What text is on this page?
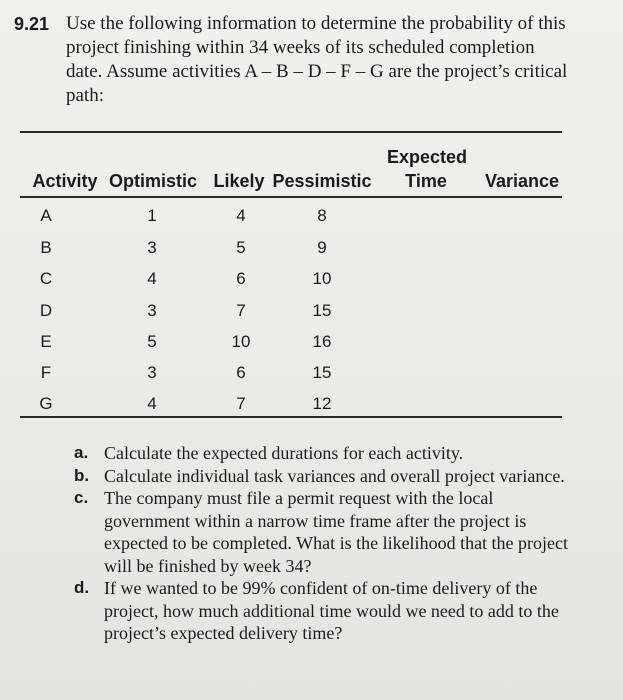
9.21 Use the following information to determine the probability of this project finishing within 34 weeks of its scheduled completion date. Assume activities A – B – D – F – G are the project’s critical path:
Expected
Activity Optimistic Likely Pessimistic	Time	Variance
A	1	4	8
B	3	5	9
C	4	6	10
D	3	7	15
E	5	10	16
F	3	6	15
G	4	7	12
a. Calculate the expected durations for each activity.
b. Calculate individual task variances and overall project variance.
c. The company must file a permit request with the local government within a narrow time frame after the project is expected to be completed. What is the likelihood that the project will be finished by week 34?
d. If we wanted to be 99% confident of on-time delivery of the project, how much additional time would we need to add to the project’s expected delivery time?
